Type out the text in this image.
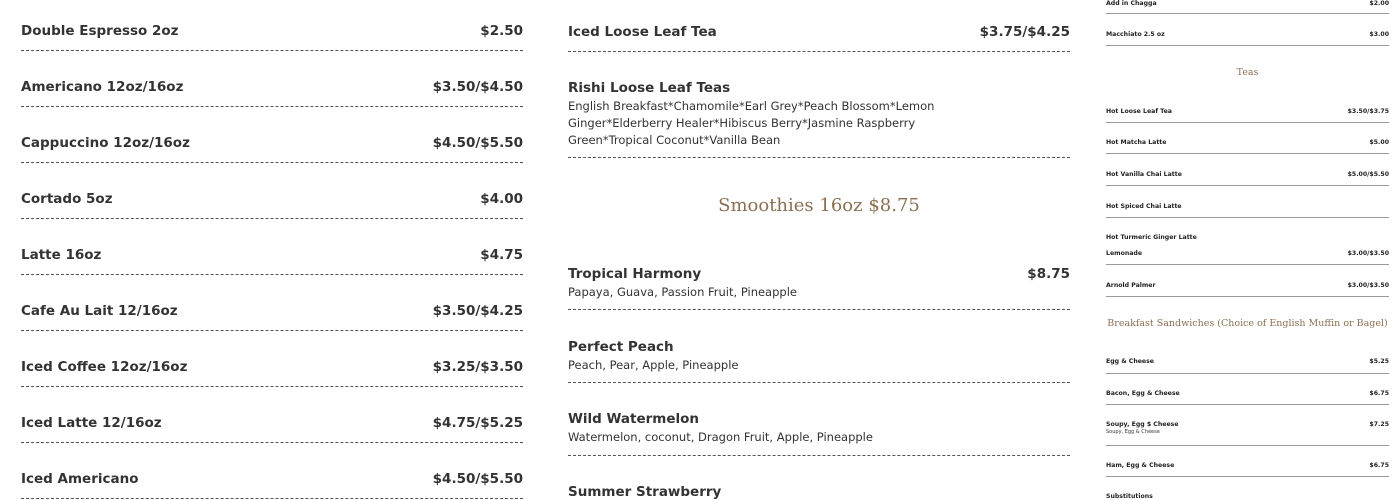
Double Espresso 2oz	$2.50
Americano 12oz/16oz	$3.50/$4.50
Cappuccino 12oz/16oz	$4.50/$5.50
Cortado 5oz	$4.00
Latte 16oz	$4.75
Cafe Au Lait 12/16oz	$3.50/$4.25
Iced Coffee 12oz/16oz	$3.25/$3.50
Iced Latte 12/16oz	$4.75/$5.25
Iced Americano	$4.50/$5.50
Iced Loose Leaf Tea	$3.75/$4.25
Rishi Loose Leaf Teas
English Breakfast*Chamomile*Earl Grey*Peach Blossom*Lemon Ginger*Elderberry Healer*Hibiscus Berry*Jasmine Raspberry Green*Tropical Coconut*Vanilla Bean
Smoothies 16oz $8.75
Tropical Harmony	$8.75
Papaya, Guava, Passion Fruit, Pineapple
Perfect Peach
Peach, Pear, Apple, Pineapple
Wild Watermelon
Watermelon, coconut, Dragon Fruit, Apple, Pineapple
Summer Strawberry
Add in Chagga	$2.00
Macchiato 2.5 oz	$3.00
Teas
Hot Loose Leaf Tea	$3.50/$3.75
Hot Matcha Latte	$5.00
Hot Vanilla Chai Latte	$5.00/$5.50
Hot Spiced Chai Latte
Hot Turmeric Ginger Latte
Lemonade	$3.00/$3.50
Arnold Palmer	$3.00/$3.50
Breakfast Sandwiches (Choice of English Muffin or Bagel)
Egg & Cheese	$5.25
Bacon, Egg & Cheese	$6.75
Soupy, Egg $ Cheese	$7.25
Soupy, Egg & Cheese
Ham, Egg & Cheese	$6.75
Substitutions
